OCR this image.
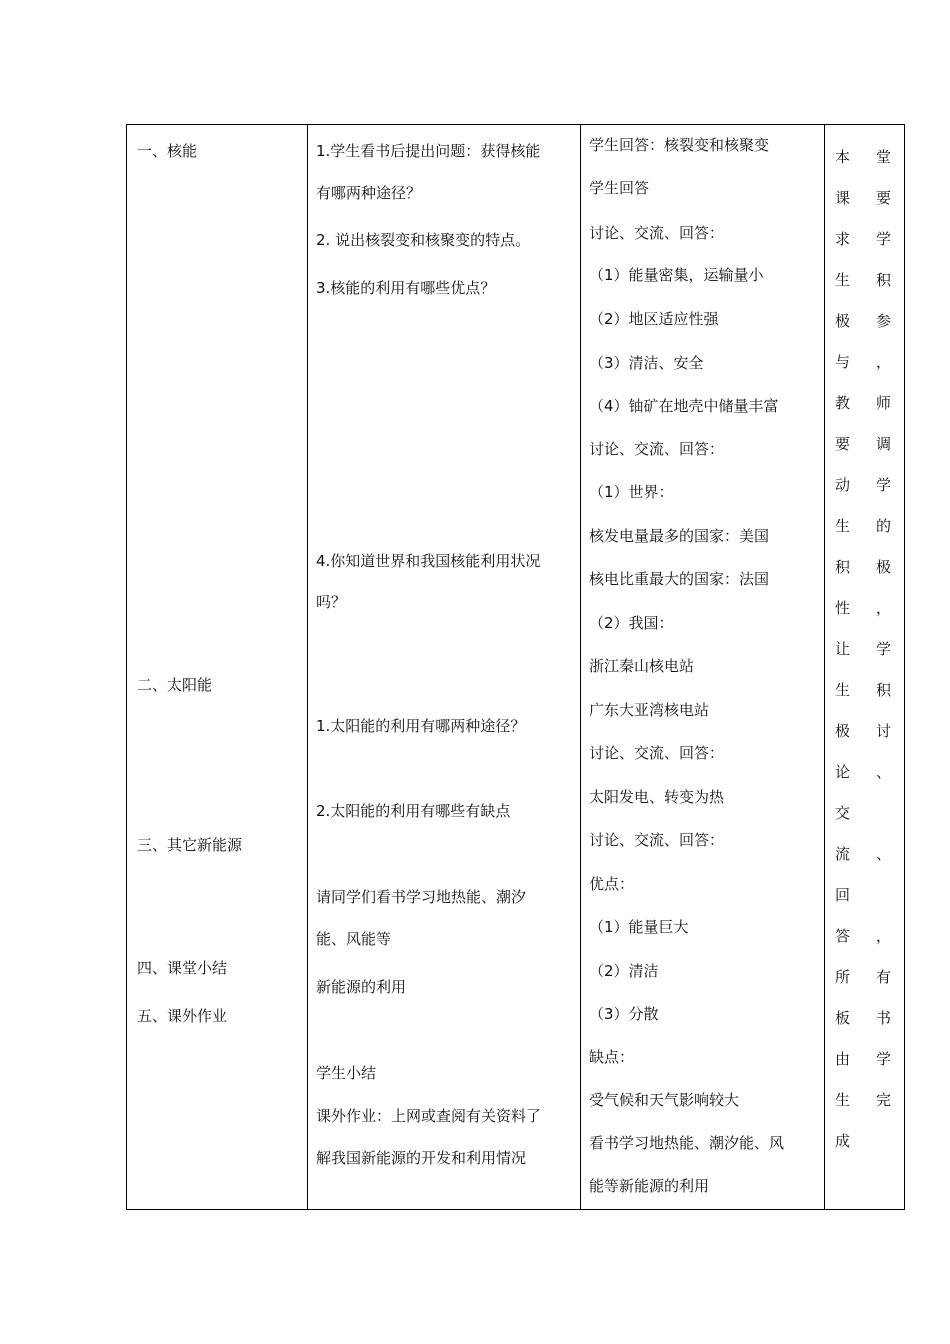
一、核能
二、太阳能
三、其它新能源
四、课堂小结
五、课外作业
1.学生看书后提出问题：获得核能
有哪两种途径？
2. 说出核裂变和核聚变的特点。
3.核能的利用有哪些优点？
4.你知道世界和我国核能利用状况
吗？
1.太阳能的利用有哪两种途径？
2.太阳能的利用有哪些有缺点
请同学们看书学习地热能、潮汐
能、风能等
新能源的利用
学生小结
课外作业：上网或查阅有关资料了
解我国新能源的开发和利用情况
学生回答：核裂变和核聚变
学生回答
讨论、交流、回答：
（1）能量密集，运输量小
（2）地区适应性强
（3）清洁、安全
（4）铀矿在地壳中储量丰富
讨论、交流、回答：
（1）世界：
核发电量最多的国家：美国
核电比重最大的国家：法国
（2）我国：
浙江秦山核电站
广东大亚湾核电站
讨论、交流、回答：
太阳发电、转变为热
讨论、交流、回答：
优点：
（1）能量巨大
（2）清洁
（3）分散
缺点：
受气候和天气影响较大
看书学习地热能、潮汐能、风
能等新能源的利用
本堂课要求学生积极参与，教师要调动学生的积极性，让学生积极讨论、交流、回答，所有板书由学生完成
